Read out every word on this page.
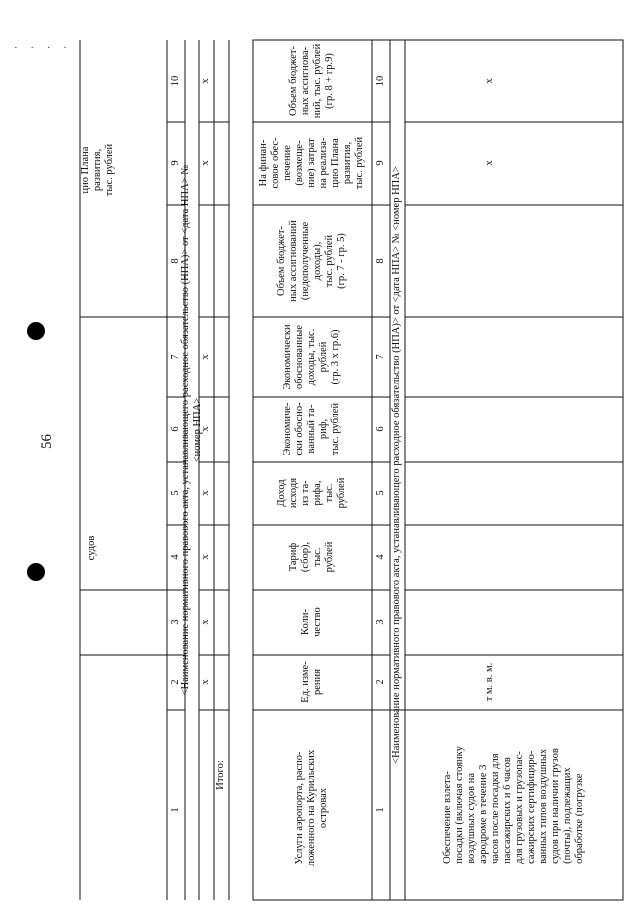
56
· · · ·
судов
цио Плана
развития,
тыс. рублей
1
2
3
4
5
6
7
8
9
10
<Наименование нормативного правового акта, устанавливающего расходное обязательство (НПА)> от <дата НПА> № <номер НПА>
x
x
x
x
x
x
x
x
Итого:
Услуги аэропорта, распо-
ложенного на Курильских
островах
Ед. изме-
рения
Коли-
чество
Тариф
(сбор),
тыс.
рублей
Доход
исходя
из та-
рифа,
тыс.
рублей
Экономиче-
ски обосно-
ванный та-
риф,
тыс. рублей
Экономически
обоснованные
доходы, тыс.
рублей
(гр. 3 x гр.6)
Объем бюджет-
ных ассигнований
(недополученные
доходы),
тыс. рублей
(гр. 7 - гр. 5)
На финан-
совое обес-
печение
(возмеще-
ние) затрат
на реализа-
цию Плана
развития,
тыс. рублей
Объем бюджет-
ных ассигнова-
ний, тыс. рублей
(гр. 8 + гр.9)
1
2
3
4
5
6
7
8
9
10
<Наименование нормативного правового акта, устанавливающего расходное обязательство (НПА)> от <дата НПА> № <номер НПА>
Обеспечение взлета-
посадки (включая стоянку
воздушных судов на
аэродроме в течение 3
часов после посадки для
пассажирских и 6 часов
для грузовых и грузопас-
сажирских сертифициро-
ванных типов воздушных
судов при наличии грузов
(почты), подлежащих
обработке (погрузке
т м. в. м.
x
x
